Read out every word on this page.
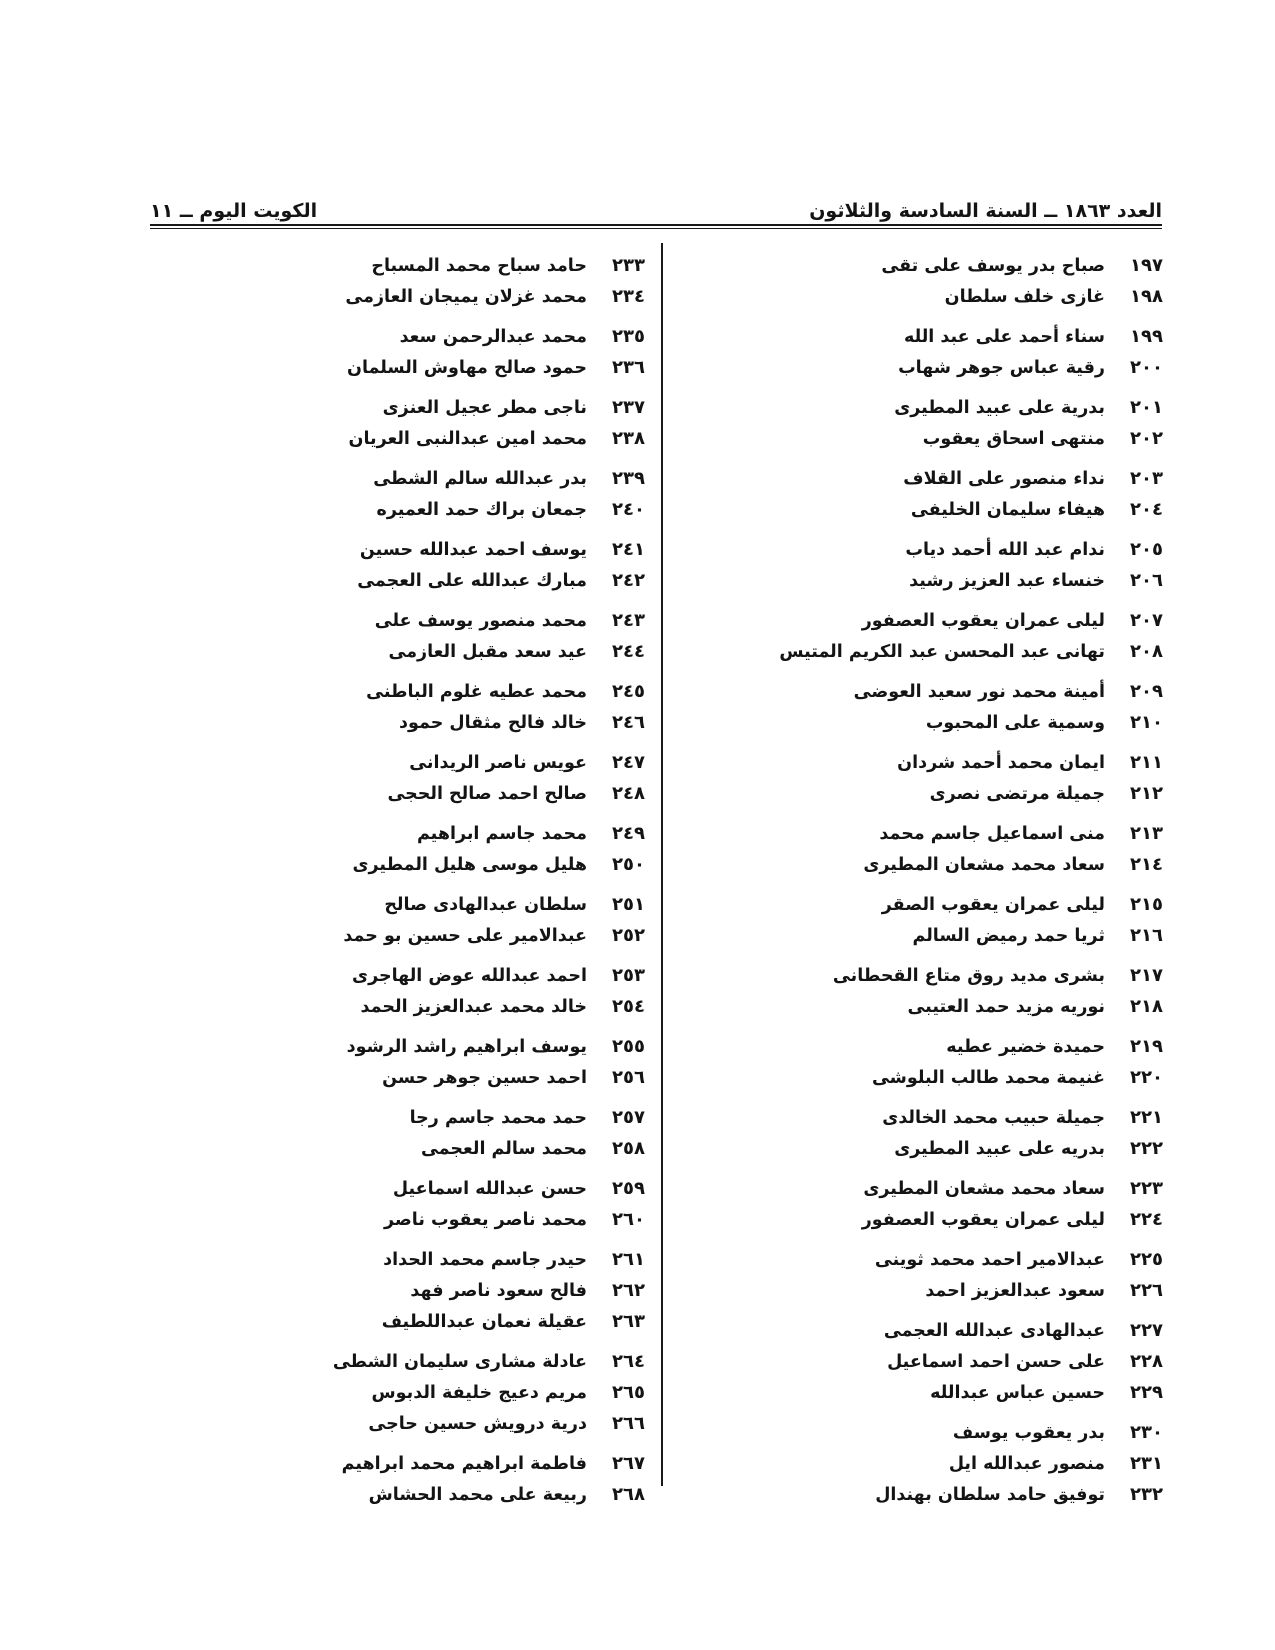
العدد ١٨٦٣ ــ السنة السادسة والثلاثون
الكويت اليوم ــ ١١
١٩٧صباح بدر يوسف على تقى
١٩٨غازى خلف سلطان
١٩٩سناء أحمد على عبد الله
٢٠٠رقية عباس جوهر شهاب
٢٠١بدرية على عبيد المطيرى
٢٠٢منتهى اسحاق يعقوب
٢٠٣نداء منصور على القلاف
٢٠٤هيفاء سليمان الخليفى
٢٠٥ندام عبد الله أحمد دياب
٢٠٦خنساء عبد العزيز رشيد
٢٠٧ليلى عمران يعقوب العصفور
٢٠٨تهانى عبد المحسن عبد الكريم المتيس
٢٠٩أمينة محمد نور سعيد العوضى
٢١٠وسمية على المحبوب
٢١١ايمان محمد أحمد شردان
٢١٢جميلة مرتضى نصرى
٢١٣منى اسماعيل جاسم محمد
٢١٤سعاد محمد مشعان المطيرى
٢١٥ليلى عمران يعقوب الصقر
٢١٦ثريا حمد رميض السالم
٢١٧بشرى مديد روق متاع القحطانى
٢١٨نوريه مزيد حمد العتيبى
٢١٩حميدة خضير عطيه
٢٢٠غنيمة محمد طالب البلوشى
٢٢١جميلة حبيب محمد الخالدى
٢٢٢بدريه على عبيد المطيرى
٢٢٣سعاد محمد مشعان المطيرى
٢٢٤ليلى عمران يعقوب العصفور
٢٢٥عبدالامير احمد محمد ثوينى
٢٢٦سعود عبدالعزيز احمد
٢٢٧عبدالهادى عبدالله العجمى
٢٢٨على حسن احمد اسماعيل
٢٢٩حسين عباس عبدالله
٢٣٠بدر يعقوب يوسف
٢٣١منصور عبدالله ايل
٢٣٢توفيق حامد سلطان بهندال
٢٣٣حامد سباح محمد المسباح
٢٣٤محمد غزلان يميجان العازمى
٢٣٥محمد عبدالرحمن سعد
٢٣٦حمود صالح مهاوش السلمان
٢٣٧ناجى مطر عجيل العنزى
٢٣٨محمد امين عبدالنبى العريان
٢٣٩بدر عبدالله سالم الشطى
٢٤٠جمعان براك حمد العميره
٢٤١يوسف احمد عبدالله حسين
٢٤٢مبارك عبدالله على العجمى
٢٤٣محمد منصور يوسف على
٢٤٤عيد سعد مقبل العازمى
٢٤٥محمد عطيه غلوم الباطنى
٢٤٦خالد فالح مثقال حمود
٢٤٧عويس ناصر الريدانى
٢٤٨صالح احمد صالح الحجى
٢٤٩محمد جاسم ابراهيم
٢٥٠هليل موسى هليل المطيرى
٢٥١سلطان عبدالهادى صالح
٢٥٢عبدالامير على حسين بو حمد
٢٥٣احمد عبدالله عوض الهاجرى
٢٥٤خالد محمد عبدالعزيز الحمد
٢٥٥يوسف ابراهيم راشد الرشود
٢٥٦احمد حسين جوهر حسن
٢٥٧حمد محمد جاسم رجا
٢٥٨محمد سالم العجمى
٢٥٩حسن عبدالله اسماعيل
٢٦٠محمد ناصر يعقوب ناصر
٢٦١حيدر جاسم محمد الحداد
٢٦٢فالح سعود ناصر فهد
٢٦٣عقيلة نعمان عبداللطيف
٢٦٤عادلة مشارى سليمان الشطى
٢٦٥مريم دعيج خليفة الدبوس
٢٦٦درية درويش حسين حاجى
٢٦٧فاطمة ابراهيم محمد ابراهيم
٢٦٨ربيعة على محمد الحشاش
